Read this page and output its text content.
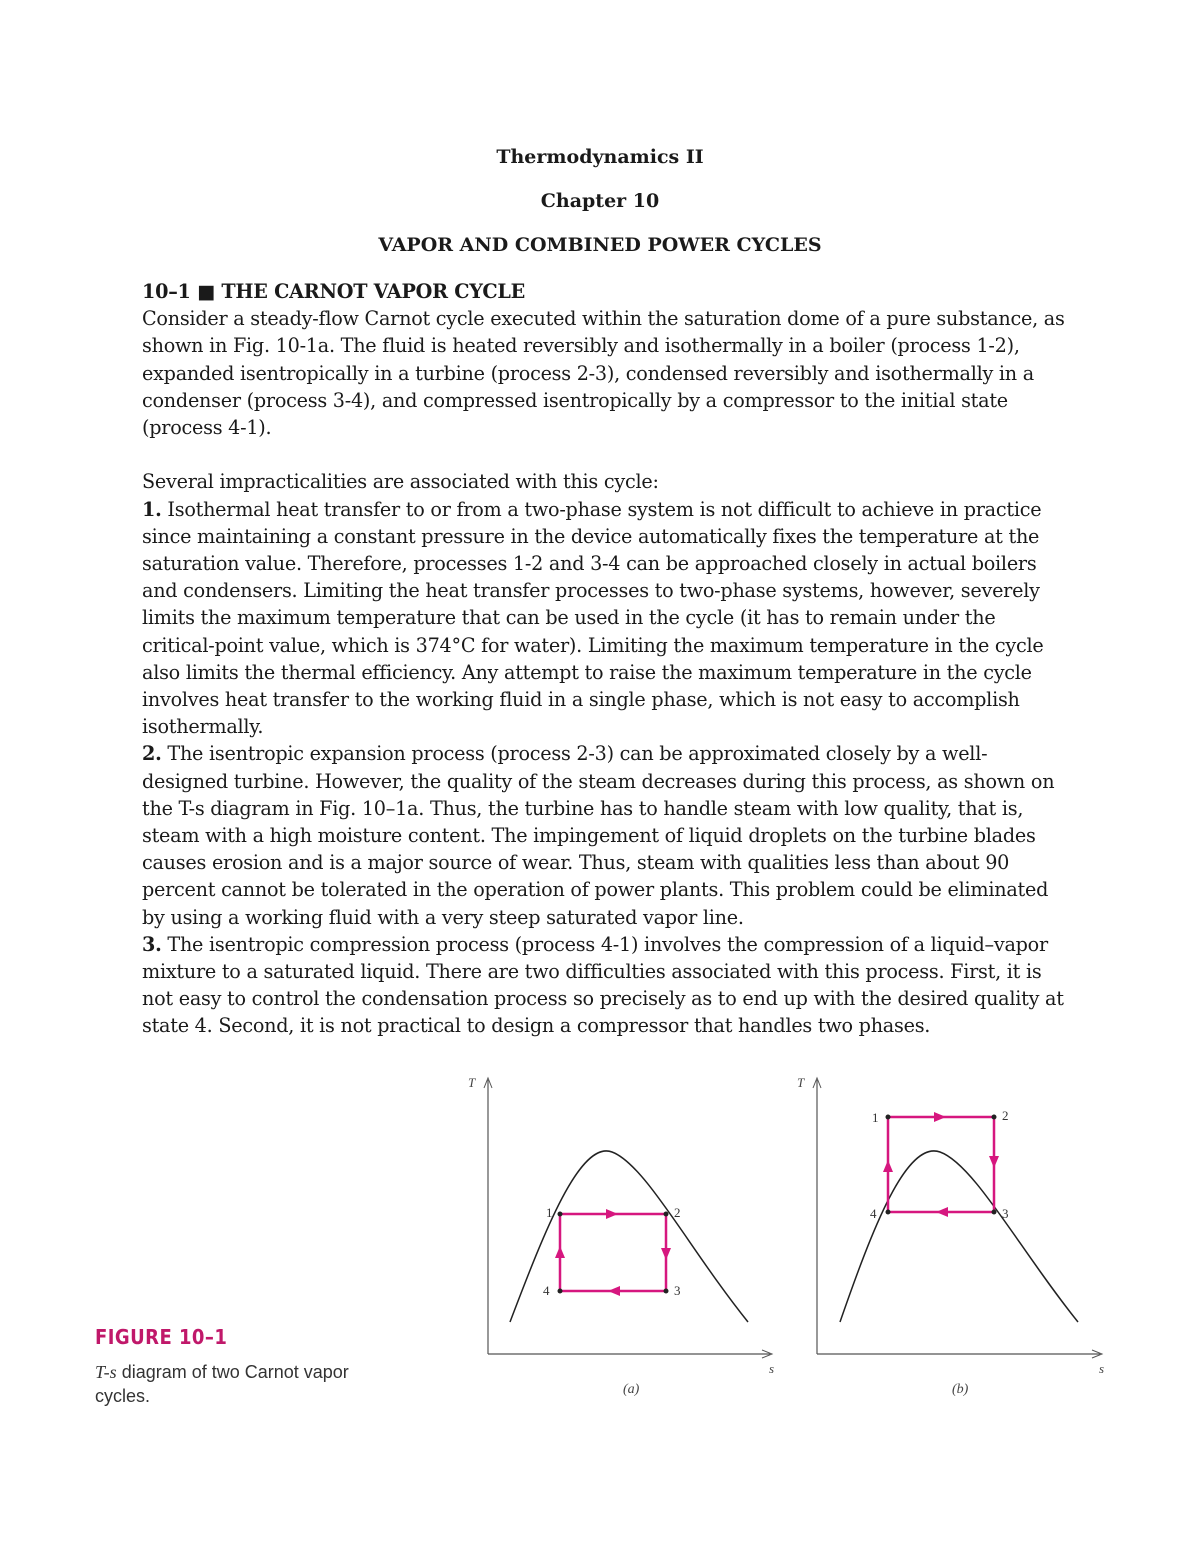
Thermodynamics II
Chapter 10
VAPOR AND COMBINED POWER CYCLES

10–1 ■ THE CARNOT VAPOR CYCLE

Consider a steady-flow Carnot cycle executed within the saturation dome of a pure substance, as shown in Fig. 10-1a. The fluid is heated reversibly and isothermally in a boiler (process 1-2), expanded isentropically in a turbine (process 2-3), condensed reversibly and isothermally in a condenser (process 3-4), and compressed isentropically by a compressor to the initial state (process 4-1).

Several impracticalities are associated with this cycle:

1. Isothermal heat transfer to or from a two-phase system is not difficult to achieve in practice since maintaining a constant pressure in the device automatically fixes the temperature at the saturation value. Therefore, processes 1-2 and 3-4 can be approached closely in actual boilers and condensers. Limiting the heat transfer processes to two-phase systems, however, severely limits the maximum temperature that can be used in the cycle (it has to remain under the critical-point value, which is 374°C for water). Limiting the maximum temperature in the cycle also limits the thermal efficiency. Any attempt to raise the maximum temperature in the cycle involves heat transfer to the working fluid in a single phase, which is not easy to accomplish isothermally.

2. The isentropic expansion process (process 2-3) can be approximated closely by a well-designed turbine. However, the quality of the steam decreases during this process, as shown on the T-s diagram in Fig. 10–1a. Thus, the turbine has to handle steam with low quality, that is, steam with a high moisture content. The impingement of liquid droplets on the turbine blades causes erosion and is a major source of wear. Thus, steam with qualities less than about 90 percent cannot be tolerated in the operation of power plants. This problem could be eliminated by using a working fluid with a very steep saturated vapor line.

3. The isentropic compression process (process 4-1) involves the compression of a liquid–vapor mixture to a saturated liquid. There are two difficulties associated with this process. First, it is not easy to control the condensation process so precisely as to end up with the desired quality at state 4. Second, it is not practical to design a compressor that handles two phases.

FIGURE 10–1
T-s diagram of two Carnot vapor cycles.
T
s
1	2
3
4
(a)
T
s
1	2
3
4
(b)
